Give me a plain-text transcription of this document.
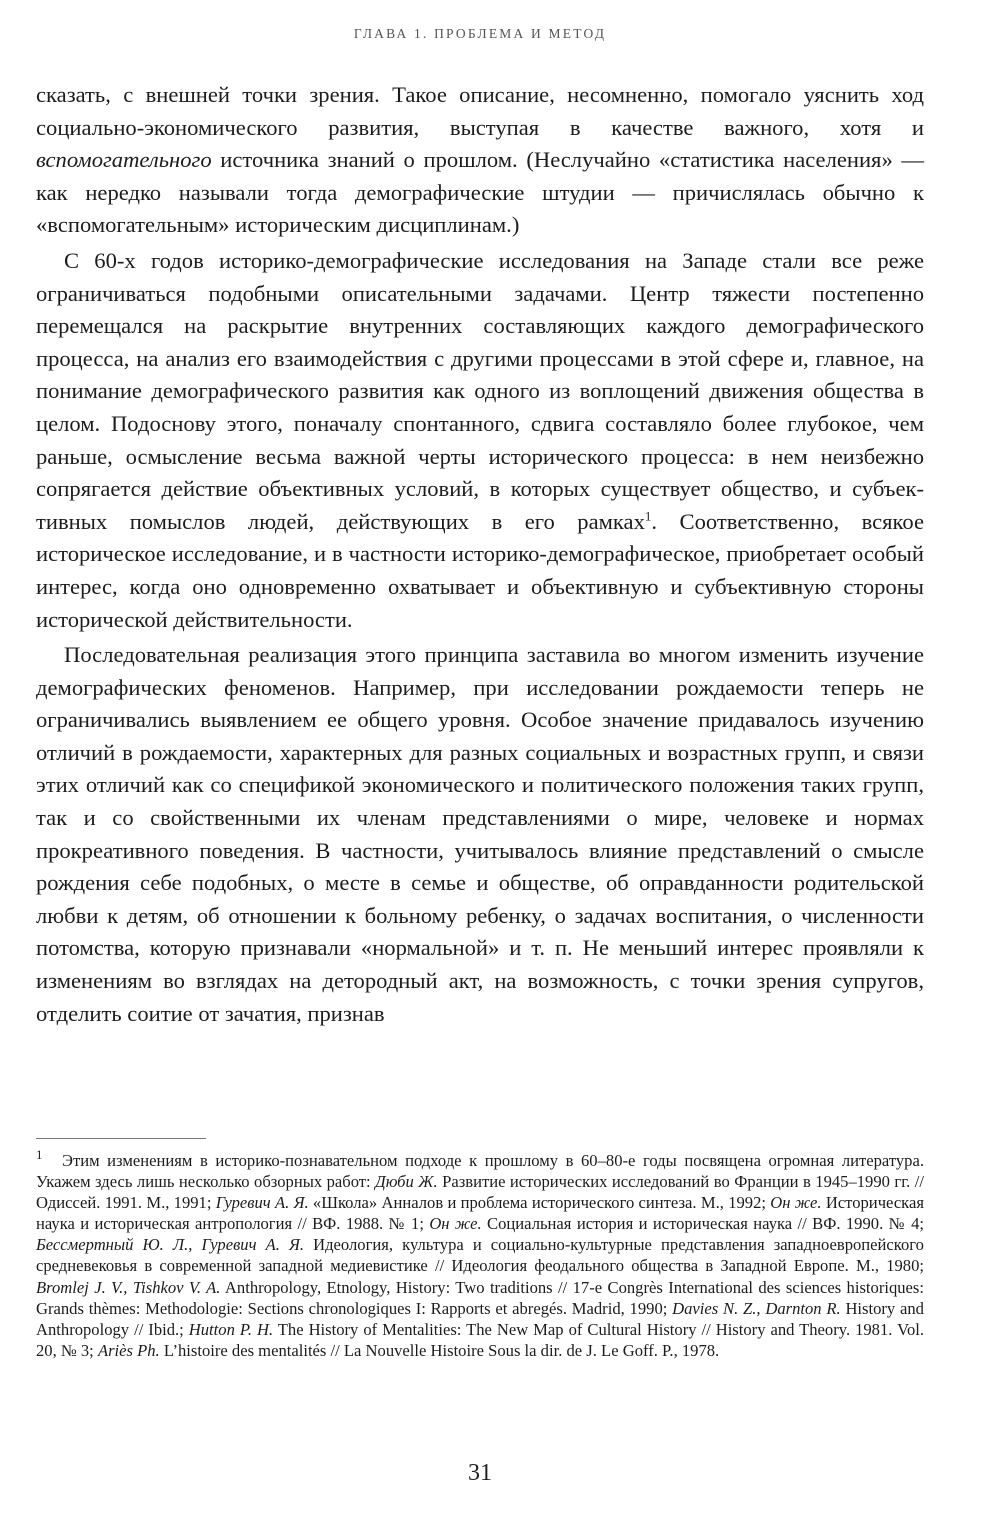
ГЛАВА 1. ПРОБЛЕМА И МЕТОД

сказать, с внешней точки зрения. Такое описание, несомненно, помогало уяснить ход социально-экономического развития, выступая в качестве важного, хотя и вспомогательного источника знаний о прошлом. (Неслучайно «статистика населения» — как нередко называли тогда демографические штудии — причислялась обычно к «вспомогательным» историческим дисциплинам.)

С 60-х годов историко-демографические исследования на Западе стали все реже ограничиваться подобными описательными задачами. Центр тяжести постепенно перемещался на раскрытие внутренних составляющих каждого демографического процесса, на анализ его взаимодействия с другими процессами в этой сфере и, главное, на понимание демографического развития как одного из воплощений движения общества в целом. Подоснову этого, поначалу спонтанного, сдвига составляло более глубокое, чем раньше, осмысление весьма важной черты исторического процесса: в нем неизбежно сопрягается действие объективных условий, в которых существует общество, и субъективных помыслов людей, действующих в его рамках$^1$. Соответственно, всякое историческое исследование, и в частности историко-демографическое, приобретает особый интерес, когда оно одновременно охватывает и объективную и субъективную стороны исторической действительности.

Последовательная реализация этого принципа заставила во многом изменить изучение демографических феноменов. Например, при исследовании рождаемости теперь не ограничивались выявлением ее общего уровня. Особое значение придавалось изучению отличий в рождаемости, характерных для разных социальных и возрастных групп, и связи этих отличий как со спецификой экономического и политического положения таких групп, так и со свойственными их членам представлениями о мире, человеке и нормах прокреативного поведения. В частности, учитывалось влияние представлений о смысле рождения себе подобных, о месте в семье и обществе, об оправданности родительской любви к детям, об отношении к больному ребенку, о задачах воспитания, о численности потомства, которую признавали «нормальной» и т. п. Не меньший интерес проявляли к изменениям во взглядах на детородный акт, на возможность, с точки зрения супругов, отделить соитие от зачатия, признав

1 Этим изменениям в историко-познавательном подходе к прошлому в 60–80-е годы посвящена огромная литература. Укажем здесь лишь несколько обзорных работ: Дюби Ж. Развитие исторических исследований во Франции в 1945–1990 гг. // Одиссей. 1991. М., 1991; Гуревич А. Я. «Школа» Анналов и проблема исторического синтеза. М., 1992; Он же. Историческая наука и историческая антропология // ВФ. 1988. № 1; Он же. Социальная история и историческая наука // ВФ. 1990. № 4; Бессмертный Ю. Л., Гуревич А. Я. Идеология, культура и социально-культурные представления западноевропейского средневековья в современной западной медиевистике // Идеология феодального общества в Западной Европе. М., 1980; Bromlej J. V., Tishkov V. A. Anthropology, Etnology, History: Two traditions // 17-e Congrès International des sciences historiques: Grands thèmes: Methodologie: Sections chronologiques I: Rapports et abregés. Madrid, 1990; Davies N. Z., Darnton R. History and Anthropology // Ibid.; Hutton P. H. The History of Mentalities: The New Map of Cultural History // History and Theory. 1981. Vol. 20, № 3; Ariès Ph. L’histoire des mentalités // La Nouvelle Histoire Sous la dir. de J. Le Goff. P., 1978.

31
